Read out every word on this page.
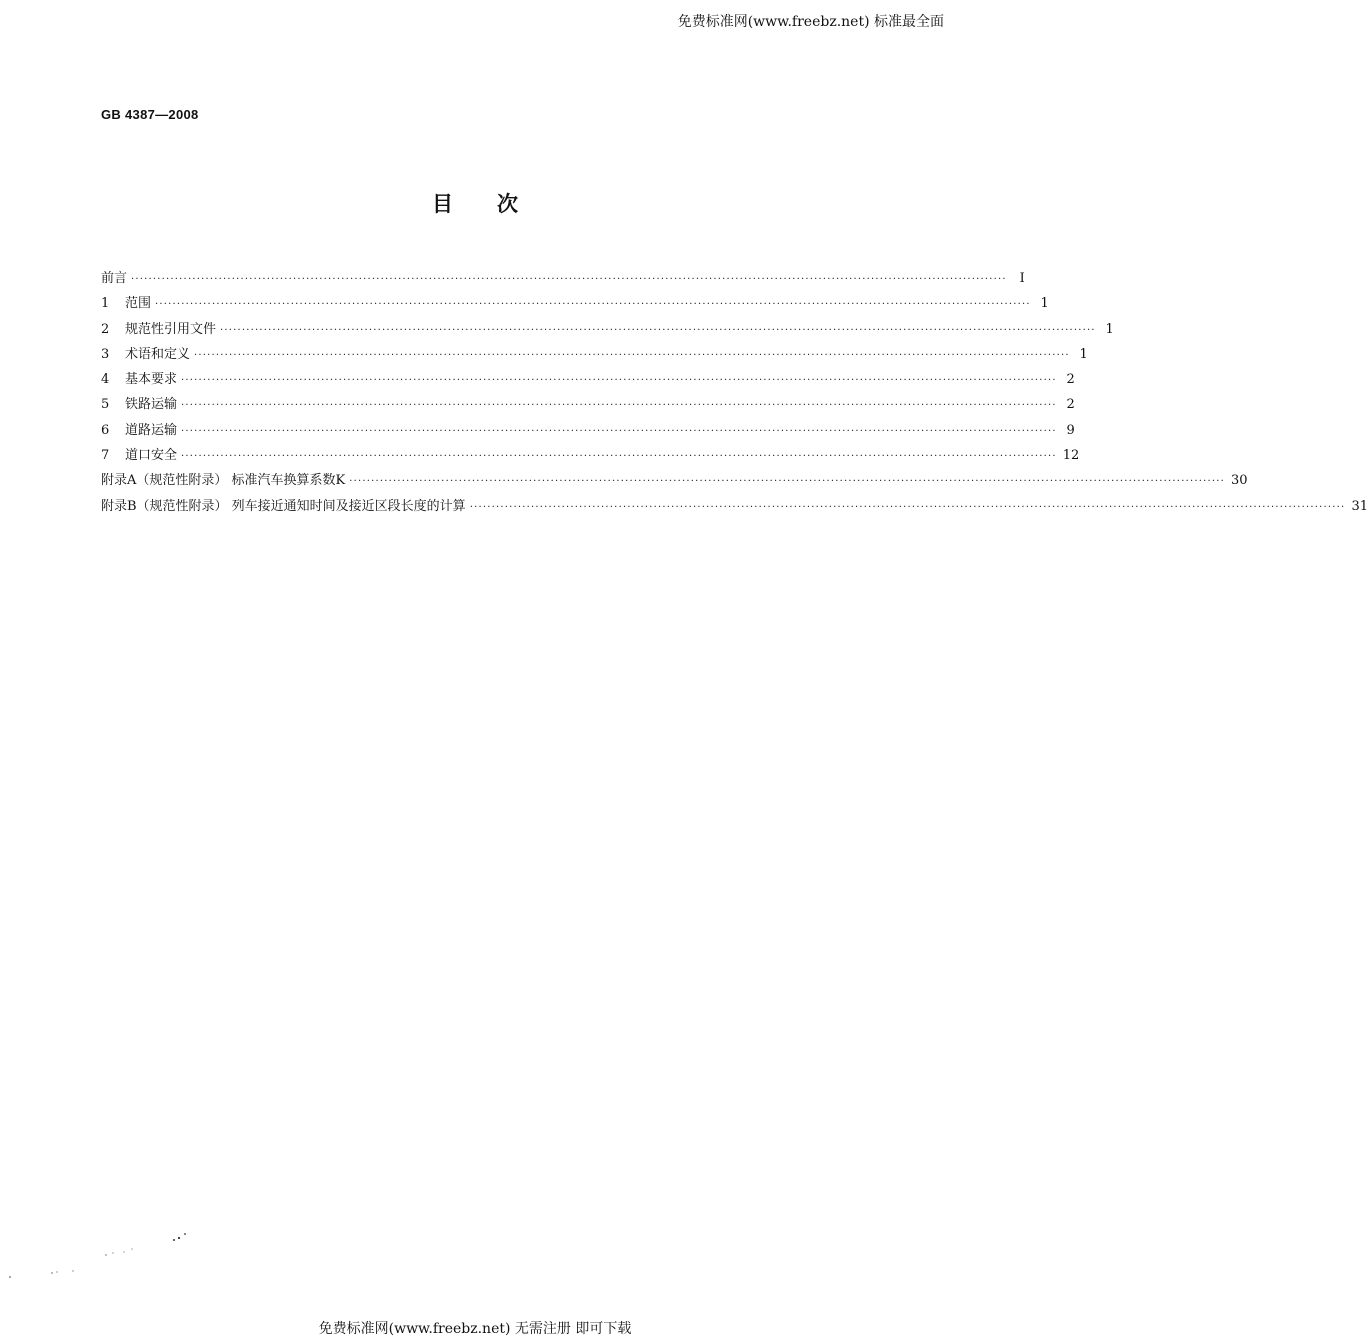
免费标准网(www.freebz.net) 标准最全面
GB 4387—2008
目次
前言 ········································································································································································································ I
1 范围 ········································································································································································································ 1
2 规范性引用文件 ········································································································································································································ 1
3 术语和定义 ········································································································································································································ 1
4 基本要求 ········································································································································································································ 2
5 铁路运输 ········································································································································································································ 2
6 道路运输 ········································································································································································································ 9
7 道口安全 ········································································································································································································ 12
附录A（规范性附录） 标准汽车换算系数K ········································································································································································································ 30
附录B（规范性附录） 列车接近通知时间及接近区段长度的计算 ········································································································································································································ 31
免费标准网(www.freebz.net) 无需注册 即可下载
